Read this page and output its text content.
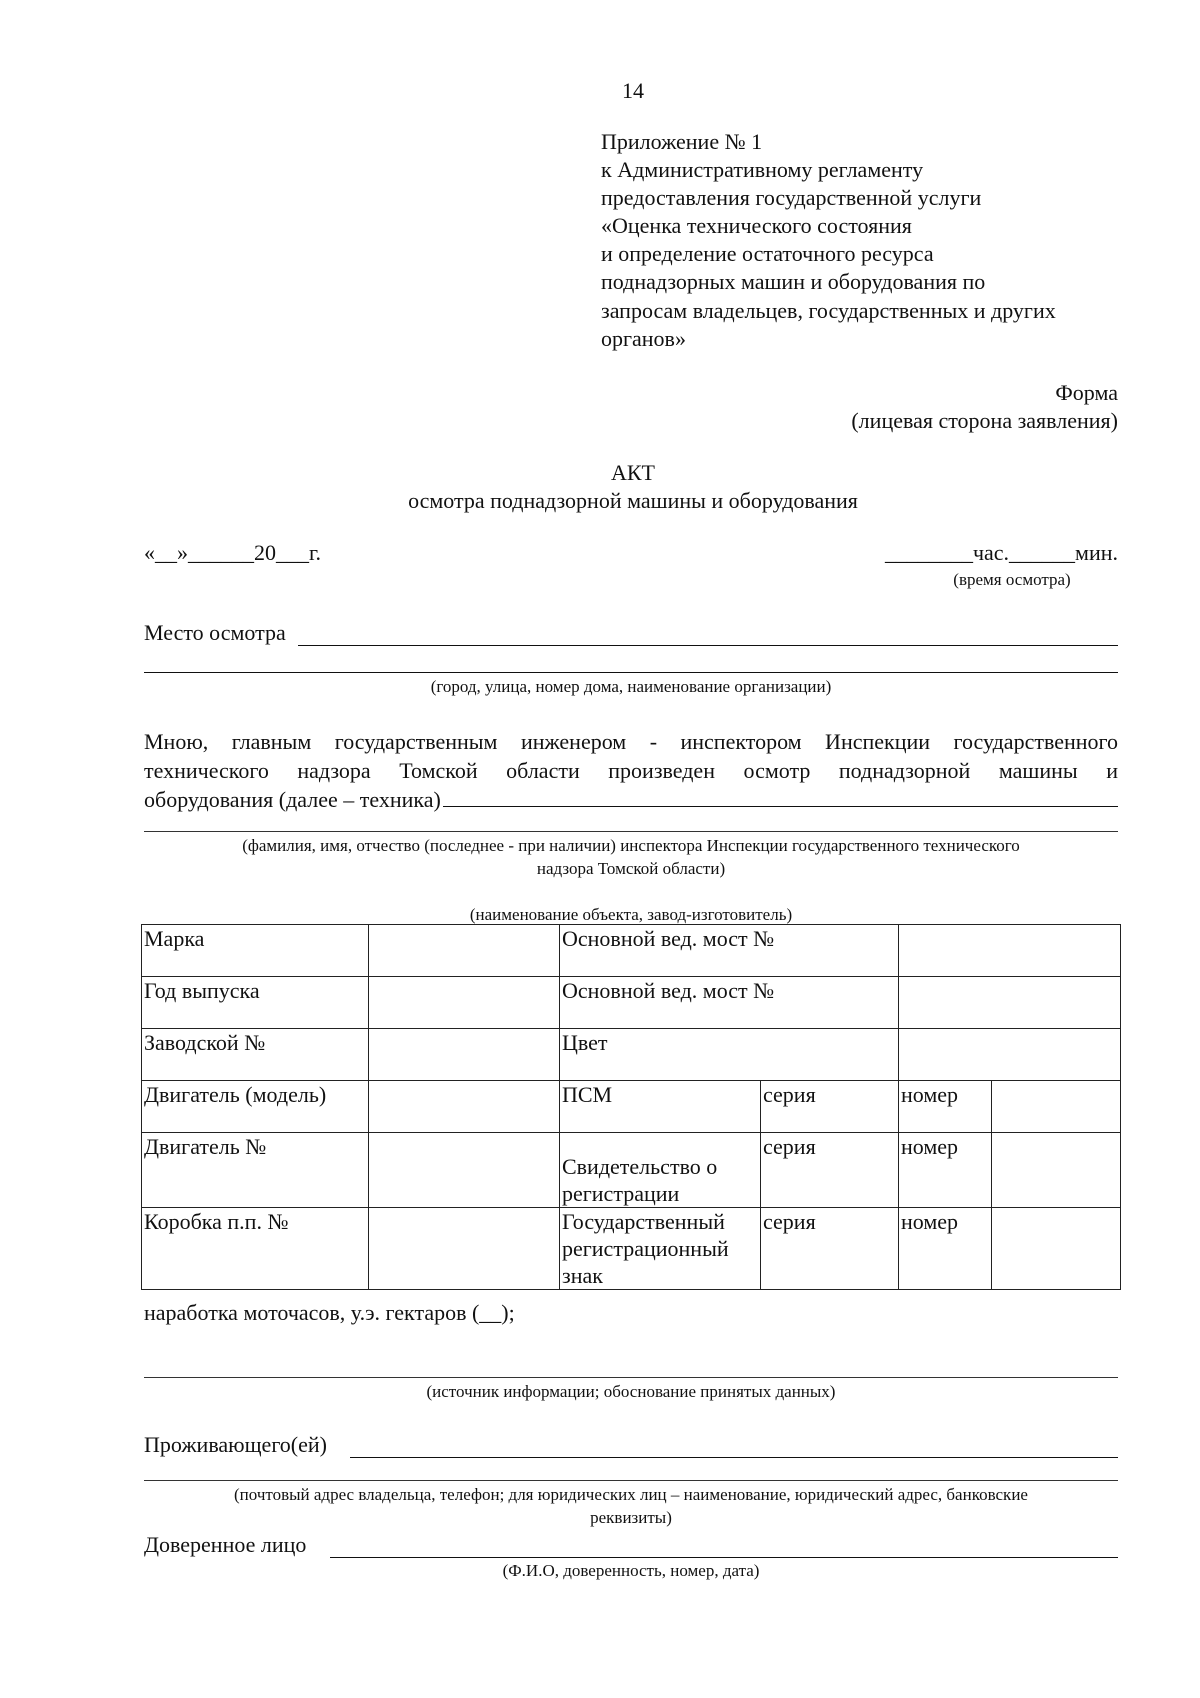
14
Приложение № 1
к Административному регламенту
предоставления государственной услуги
«Оценка технического состояния
и определение остаточного ресурса
поднадзорных машин и оборудования по
запросам владельцев, государственных и других
органов»
Форма
(лицевая сторона заявления)
АКТ
осмотра поднадзорной машины и оборудования
«__»______20___г.	________час.______мин.
(время осмотра)
Место осмотра
(город, улица, номер дома, наименование организации)
Мною, главным государственным инженером - инспектором Инспекции государственного технического надзора Томской области произведен осмотр поднадзорной машины и
оборудования (далее – техника)
(фамилия, имя, отчество (последнее - при наличии) инспектора Инспекции государственного технического
надзора Томской области)
(наименование объекта, завод-изготовитель)
Марка		Основной вед. мост №			
Год выпуска		Основной вед. мост №			
Заводской №		Цвет			
Двигатель (модель)		ПСМ	серия	номер	
Двигатель №		Свидетельство о регистрации	серия	номер	
Коробка п.п. №		Государственный регистрационный знак	серия	номер	
наработка моточасов, у.э. гектаров (__);
(источник информации; обоснование принятых данных)
Проживающего(ей)
(почтовый адрес владельца, телефон; для юридических лиц – наименование, юридический адрес, банковские
реквизиты)
Доверенное лицо
(Ф.И.О, доверенность, номер, дата)
